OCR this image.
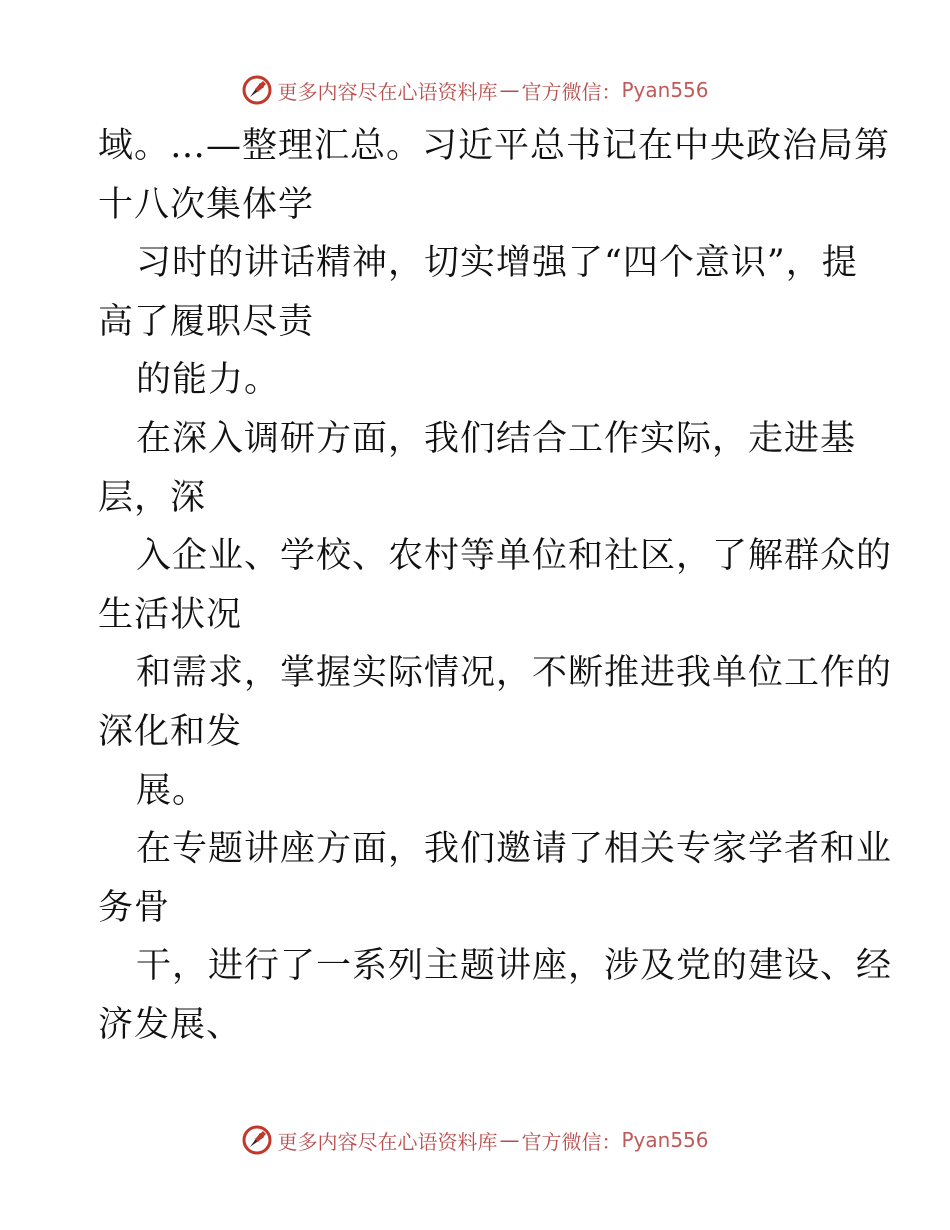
更多内容尽在心语资料库 — 官方微信： Pyan556
域。…—整理汇总。习近平总书记在中央政治局第
十八次集体学
习时的讲话精神，切实增强了“四个意识”，提
高了履职尽责
的能力。
在深入调研方面，我们结合工作实际，走进基
层，深
入企业、学校、农村等单位和社区，了解群众的
生活状况
和需求，掌握实际情况，不断推进我单位工作的
深化和发
展。
在专题讲座方面，我们邀请了相关专家学者和业
务骨
干，进行了一系列主题讲座，涉及党的建设、经
济发展、
更多内容尽在心语资料库 — 官方微信： Pyan556
